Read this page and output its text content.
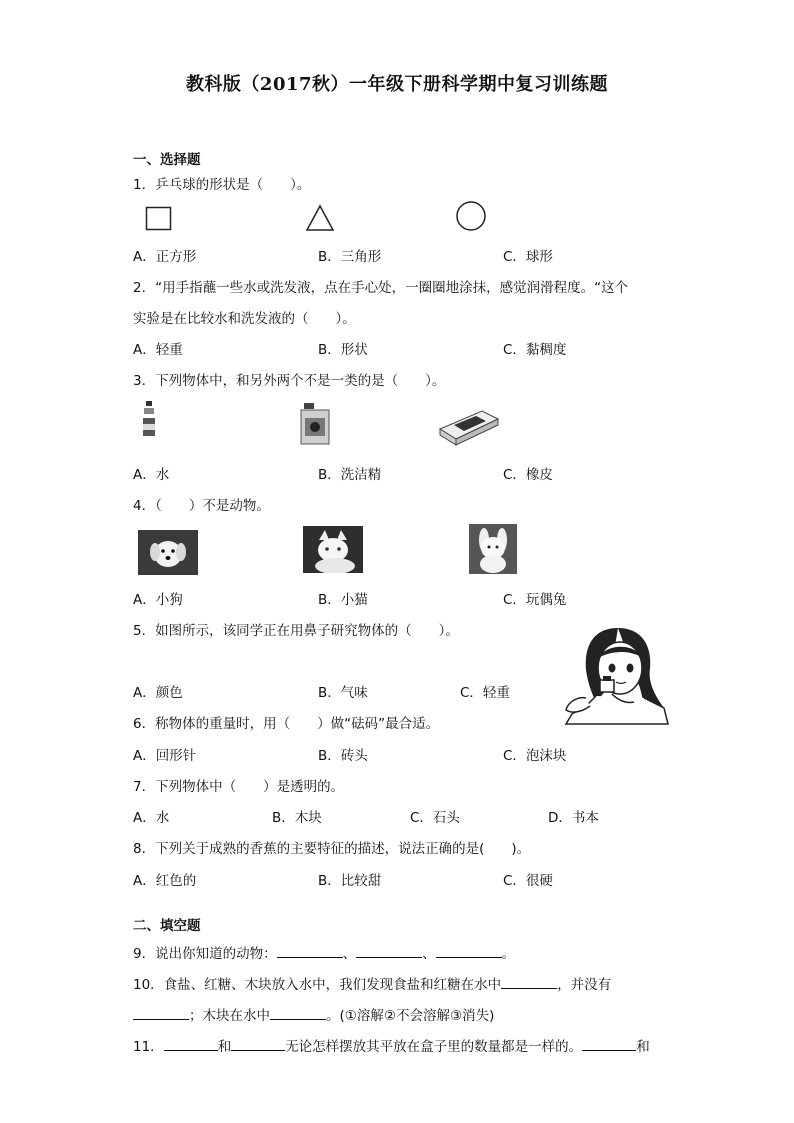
教科版（2017秋）一年级下册科学期中复习训练题
一、选择题
1．乒乓球的形状是（　　）。
A．正方形	B．三角形	C．球形
2．“用手指蘸一些水或洗发液，点在手心处，一圈圈地涂抹，感觉润滑程度。“这个
实验是在比较水和洗发液的（　　）。
A．轻重	B．形状	C．黏稠度
3．下列物体中，和另外两个不是一类的是（　　）。
A．水	B．洗洁精	C．橡皮
4．（　　）不是动物。
A．小狗	B．小猫	C．玩偶兔
5．如图所示，该同学正在用鼻子研究物体的（　　）。
A．颜色	B．气味	C．轻重
6．称物体的重量时，用（　　）做“砝码”最合适。
A．回形针	B．砖头	C．泡沫块
7．下列物体中（　　）是透明的。
A．水	B．木块	C．石头	D．书本
8．下列关于成熟的香蕉的主要特征的描述，说法正确的是(　　)。
A．红色的	B．比较甜	C．很硬
二、填空题
9．说出你知道的动物：	、	、	。
10．食盐、红糖、木块放入水中，我们发现食盐和红糖在水中	，并没有
；木块在水中	。(①溶解②不会溶解③消失)
11．	和	无论怎样摆放其平放在盒子里的数量都是一样的。	和
